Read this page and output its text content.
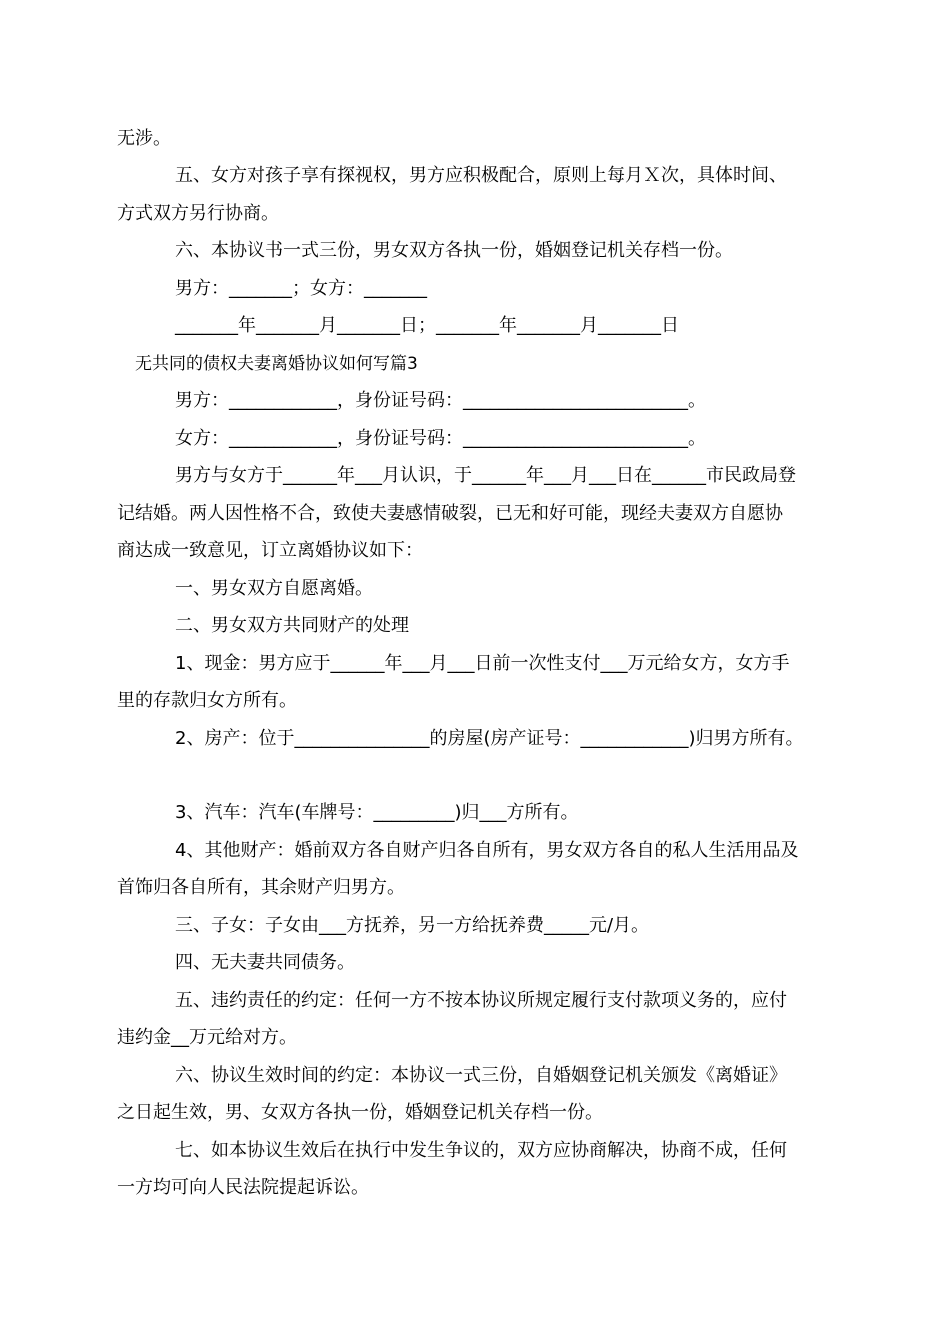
无涉。

五、女方对孩子享有探视权，男方应积极配合，原则上每月Ｘ次，具体时间、

方式双方另行协商。

六、本协议书一式三份，男女双方各执一份，婚姻登记机关存档一份。

男方：_______；女方：_______

_______年_______月_______日；_______年_______月_______日

无共同的债权夫妻离婚协议如何写篇3

男方：____________，身份证号码：_________________________。

女方：____________，身份证号码：_________________________。

男方与女方于______年___月认识，于______年___月___日在______市民政局登

记结婚。两人因性格不合，致使夫妻感情破裂，已无和好可能，现经夫妻双方自愿协

商达成一致意见，订立离婚协议如下：

一、男女双方自愿离婚。

二、男女双方共同财产的处理

1、现金：男方应于______年___月___日前一次性支付___万元给女方，女方手

里的存款归女方所有。

2、房产：位于_______________的房屋(房产证号：____________)归男方所有。

3、汽车：汽车(车牌号：_________)归___方所有。

4、其他财产：婚前双方各自财产归各自所有，男女双方各自的私人生活用品及

首饰归各自所有，其余财产归男方。

三、子女：子女由___方抚养，另一方给抚养费_____元/月。

四、无夫妻共同债务。

五、违约责任的约定：任何一方不按本协议所规定履行支付款项义务的，应付

违约金__万元给对方。

六、协议生效时间的约定：本协议一式三份，自婚姻登记机关颁发《离婚证》

之日起生效，男、女双方各执一份，婚姻登记机关存档一份。

七、如本协议生效后在执行中发生争议的，双方应协商解决，协商不成，任何

一方均可向人民法院提起诉讼。
